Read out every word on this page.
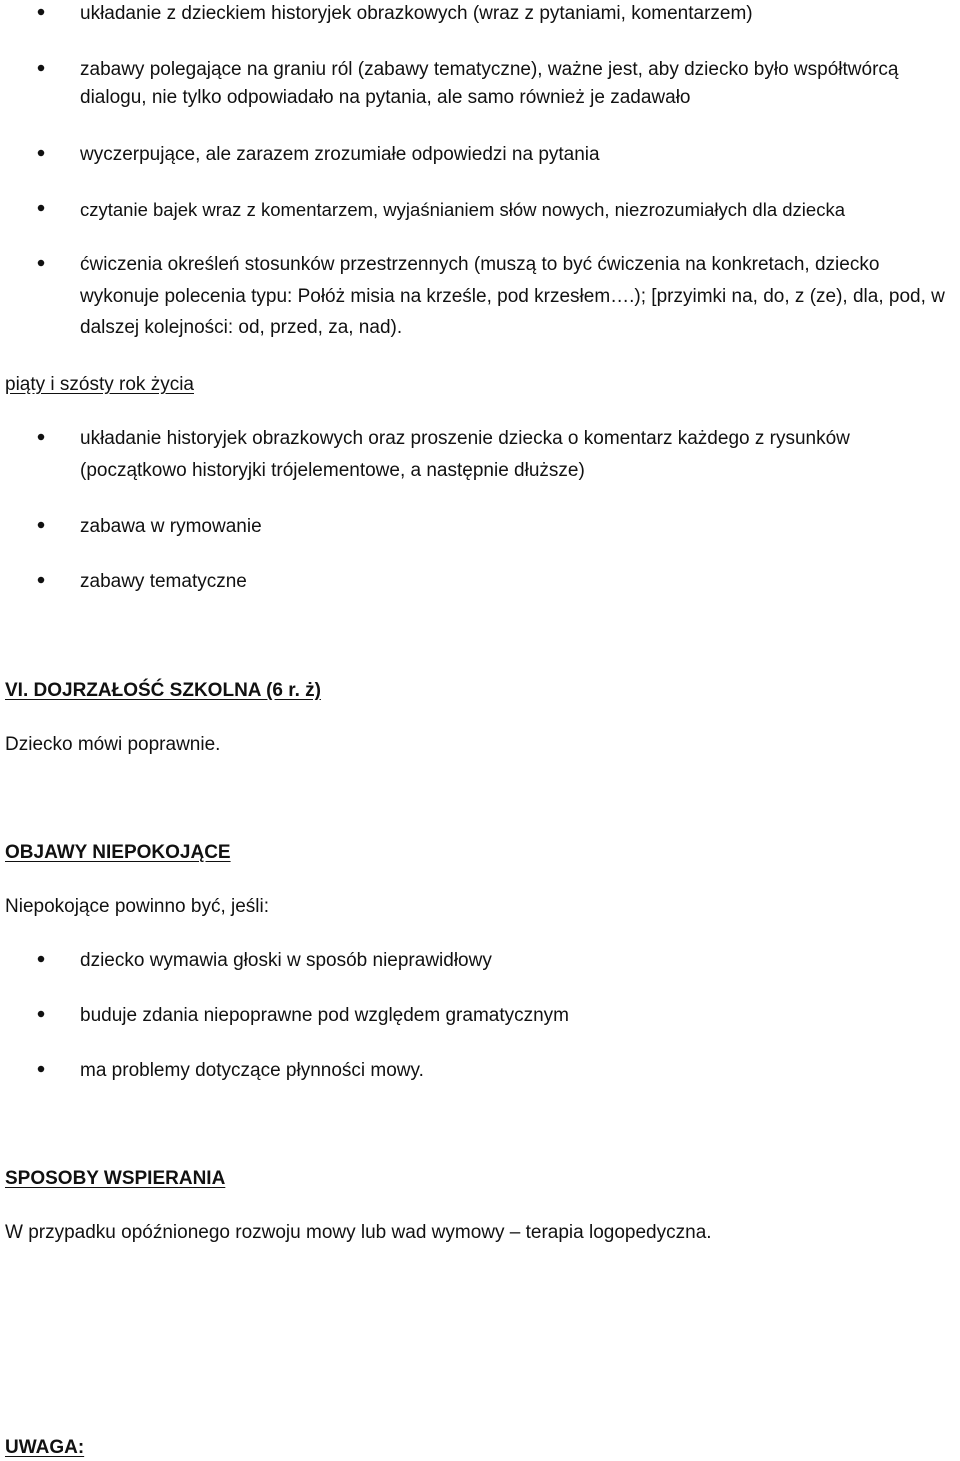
układanie z dzieckiem historyjek obrazkowych (wraz z pytaniami, komentarzem)
zabawy polegające na graniu ról (zabawy tematyczne), ważne jest, aby dziecko było współtwórcą dialogu, nie tylko odpowiadało na pytania, ale samo również je zadawało
wyczerpujące, ale zarazem zrozumiałe odpowiedzi na pytania
czytanie bajek wraz z komentarzem, wyjaśnianiem słów nowych, niezrozumiałych dla dziecka
ćwiczenia określeń stosunków przestrzennych (muszą to być ćwiczenia na konkretach, dziecko wykonuje polecenia typu: Połóż misia na krześle, pod krzesłem….); [przyimki na, do, z (ze), dla, pod, w dalszej kolejności: od, przed, za, nad).
piąty i szósty rok życia
układanie historyjek obrazkowych oraz proszenie dziecka o komentarz każdego z rysunków (początkowo historyjki trójelementowe, a następnie dłuższe)
zabawa w rymowanie
zabawy tematyczne
VI. DOJRZAŁOŚĆ SZKOLNA (6 r. ż)
Dziecko mówi poprawnie.
OBJAWY NIEPOKOJĄCE
Niepokojące powinno być, jeśli:
dziecko wymawia głoski w sposób nieprawidłowy
buduje zdania niepoprawne pod względem gramatycznym
ma problemy dotyczące płynności mowy.
SPOSOBY WSPIERANIA
W przypadku opóźnionego rozwoju mowy lub wad wymowy – terapia logopedyczna.
UWAGA:
